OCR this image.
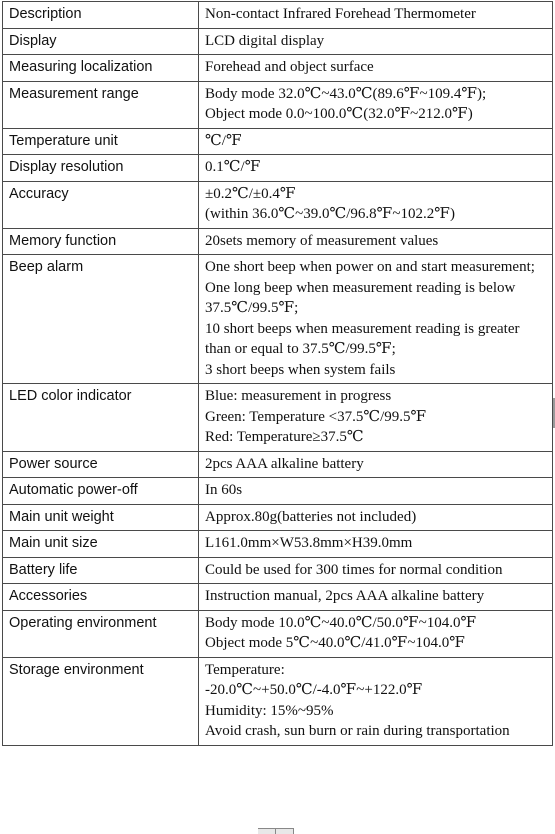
Description	Non-contact Infrared Forehead Thermometer

Display	LCD digital display

Measuring localization	Forehead and object surface

Measurement range	Body mode 32.0℃~43.0℃(89.6℉~109.4℉);
Object mode 0.0~100.0℃(32.0℉~212.0℉)

Temperature unit	℃/℉

Display resolution	0.1℃/℉

Accuracy	±0.2℃/±0.4℉
(within 36.0℃~39.0℃/96.8℉~102.2℉)

Memory function	20sets memory of measurement values

Beep alarm	One short beep when power on and start measurement;
One long beep when measurement reading is below 37.5℃/99.5℉;
10 short beeps when measurement reading is greater than or equal to 37.5℃/99.5℉;
3 short beeps when system fails

LED color indicator	Blue: measurement in progress
Green: Temperature <37.5℃/99.5℉
Red: Temperature≥37.5℃

Power source	2pcs AAA alkaline battery

Automatic power-off	In 60s

Main unit weight	Approx.80g(batteries not included)

Main unit size	L161.0mm×W53.8mm×H39.0mm

Battery life	Could be used for 300 times for normal condition

Accessories	Instruction manual, 2pcs AAA alkaline battery

Operating environment	Body mode 10.0℃~40.0℃/50.0℉~104.0℉
Object mode 5℃~40.0℃/41.0℉~104.0℉

Storage environment	Temperature:
-20.0℃~+50.0℃/-4.0℉~+122.0℉
Humidity: 15%~95%
Avoid crash, sun burn or rain during transportation
